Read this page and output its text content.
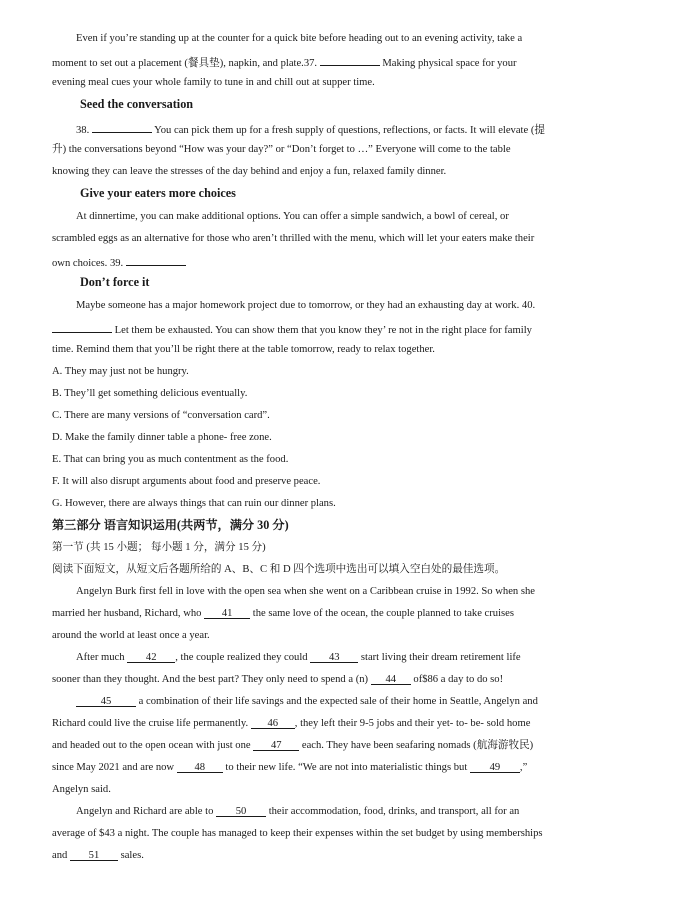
Even if you’re standing up at the counter for a quick bite before heading out to an evening activity, take a
moment to set out a placement (餐具垫), napkin, and plate.37.	Making physical space for your
evening meal cues your whole family to tune in and chill out at supper time.
Seed the conversation
38.	You can pick them up for a fresh supply of questions, reflections, or facts. It will elevate (提
升) the conversations beyond “How was your day?” or “Don’t forget to …” Everyone will come to the table
knowing they can leave the stresses of the day behind and enjoy a fun, relaxed family dinner.
Give your eaters more choices
At dinnertime, you can make additional options. You can offer a simple sandwich, a bowl of cereal, or
scrambled eggs as an alternative for those who aren’t thrilled with the menu, which will let your eaters make their
own choices. 39.
Don’t force it
Maybe someone has a major homework project due to tomorrow, or they had an exhausting day at work. 40.
Let them be exhausted. You can show them that you know they’ re not in the right place for family
time. Remind them that you’ll be right there at the table tomorrow, ready to relax together.
A. They may just not be hungry.
B. They’ll get something delicious eventually.
C. There are many versions of “conversation card”.
D. Make the family dinner table a phone- free zone.
E. That can bring you as much contentment as the food.
F. It will also disrupt arguments about food and preserve peace.
G. However, there are always things that can ruin our dinner plans.
第三部分 语言知识运用(共两节，满分 30 分)
第一节 (共 15 小题； 每小题 1 分，满分 15 分)
阅读下面短文，从短文后各题所给的 A、B、C 和 D 四个选项中选出可以填入空白处的最佳选项。
Angelyn Burk first fell in love with the open sea when she went on a Caribbean cruise in 1992. So when she
married her husband, Richard, who 41 the same love of the ocean, the couple planned to take cruises
around the world at least once a year.
After much 42 , the couple realized they could 43 start living their dream retirement life
sooner than they thought. And the best part? They only need to spend a (n) 44 of$86 a day to do so!
45	a combination of their life savings and the expected sale of their home in Seattle, Angelyn and
Richard could live the cruise life permanently. 46 , they left their 9-5 jobs and their yet- to- be- sold home
and headed out to the open ocean with just one 47 each. They have been seafaring nomads (航海游牧民)
since May 2021 and are now 48 to their new life. “We are not into materialistic things but 49 ,”
Angelyn said.
Angelyn and Richard are able to 50 their accommodation, food, drinks, and transport, all for an
average of $43 a night. The couple has managed to keep their expenses within the set budget by using memberships
and 51 sales.
